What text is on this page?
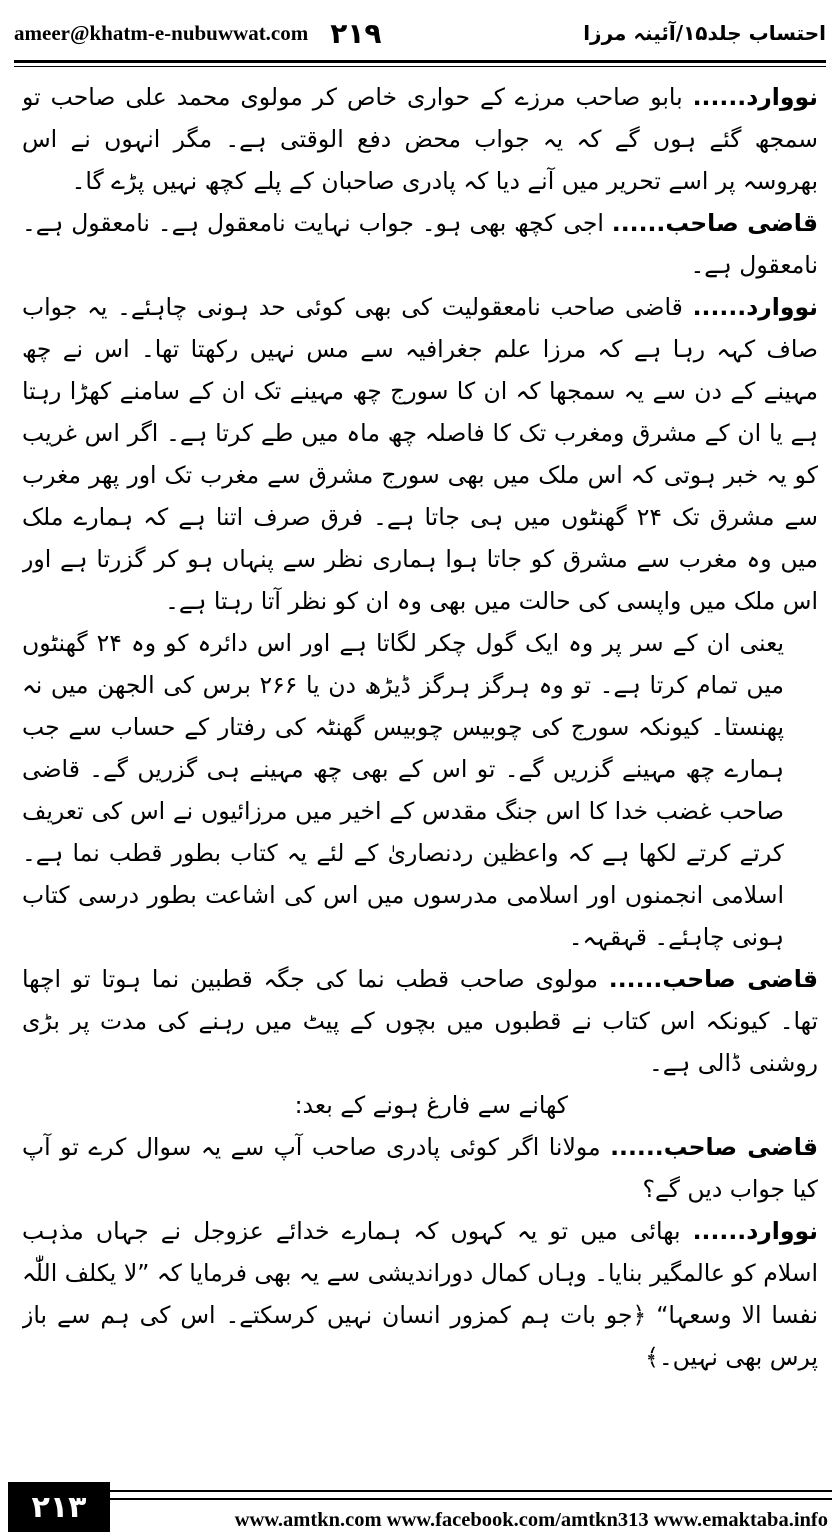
ameer@khatm-e-nubuwwat.com ۲۱۹	احتساب جلد۱۵/آئینہ مرزا

نووارد...... بابو صاحب مرزے کے حواری خاص کر مولوی محمد علی صاحب تو سمجھ گئے ہوں گے کہ یہ جواب محض دفع الوقتی ہے۔ مگر انہوں نے اس بھروسہ پر اسے تحریر میں آنے دیا کہ پادری صاحبان کے پلے کچھ نہیں پڑے گا۔

قاضی صاحب...... اجی کچھ بھی ہو۔ جواب نہایت نامعقول ہے۔ نامعقول ہے۔ نامعقول ہے۔

نووارد...... قاضی صاحب نامعقولیت کی بھی کوئی حد ہونی چاہئے۔ یہ جواب صاف کہہ رہا ہے کہ مرزا علم جغرافیہ سے مس نہیں رکھتا تھا۔ اس نے چھ مہینے کے دن سے یہ سمجھا کہ ان کا سورج چھ مہینے تک ان کے سامنے کھڑا رہتا ہے یا ان کے مشرق ومغرب تک کا فاصلہ چھ ماہ میں طے کرتا ہے۔ اگر اس غریب کو یہ خبر ہوتی کہ اس ملک میں بھی سورج مشرق سے مغرب تک اور پھر مغرب سے مشرق تک ۲۴ گھنٹوں میں ہی جاتا ہے۔ فرق صرف اتنا ہے کہ ہمارے ملک میں وہ مغرب سے مشرق کو جاتا ہوا ہماری نظر سے پنہاں ہو کر گزرتا ہے اور اس ملک میں واپسی کی حالت میں بھی وہ ان کو نظر آتا رہتا ہے۔

یعنی ان کے سر پر وہ ایک گول چکر لگاتا ہے اور اس دائرہ کو وہ ۲۴ گھنٹوں میں تمام کرتا ہے۔ تو وہ ہرگز ہرگز ڈیڑھ دن یا ۲۶۶ برس کی الجھن میں نہ پھنستا۔ کیونکہ سورج کی چوبیس چوبیس گھنٹہ کی رفتار کے حساب سے جب ہمارے چھ مہینے گزریں گے۔ تو اس کے بھی چھ مہینے ہی گزریں گے۔ قاضی صاحب غضب خدا کا اس جنگ مقدس کے اخیر میں مرزائیوں نے اس کی تعریف کرتے کرتے لکھا ہے کہ واعظین ردنصاریٰ کے لئے یہ کتاب بطور قطب نما ہے۔ اسلامی انجمنوں اور اسلامی مدرسوں میں اس کی اشاعت بطور درسی کتاب ہونی چاہئے۔ قہقہہ۔

قاضی صاحب...... مولوی صاحب قطب نما کی جگہ قطبین نما ہوتا تو اچھا تھا۔ کیونکہ اس کتاب نے قطبوں میں بچوں کے پیٹ میں رہنے کی مدت پر بڑی روشنی ڈالی ہے۔

کھانے سے فارغ ہونے کے بعد:

قاضی صاحب...... مولانا اگر کوئی پادری صاحب آپ سے یہ سوال کرے تو آپ کیا جواب دیں گے؟

نووارد...... بھائی میں تو یہ کہوں کہ ہمارے خدائے عزوجل نے جہاں مذہب اسلام کو عالمگیر بنایا۔ وہاں کمال دوراندیشی سے یہ بھی فرمایا کہ ”لا یکلف اللّٰہ نفسا الا وسعہا“ ﴿جو بات ہم کمزور انسان نہیں کرسکتے۔ اس کی ہم سے باز پرس بھی نہیں۔﴾

۲۱۳	www.amtkn.com www.facebook.com/amtkn313 www.emaktaba.info
